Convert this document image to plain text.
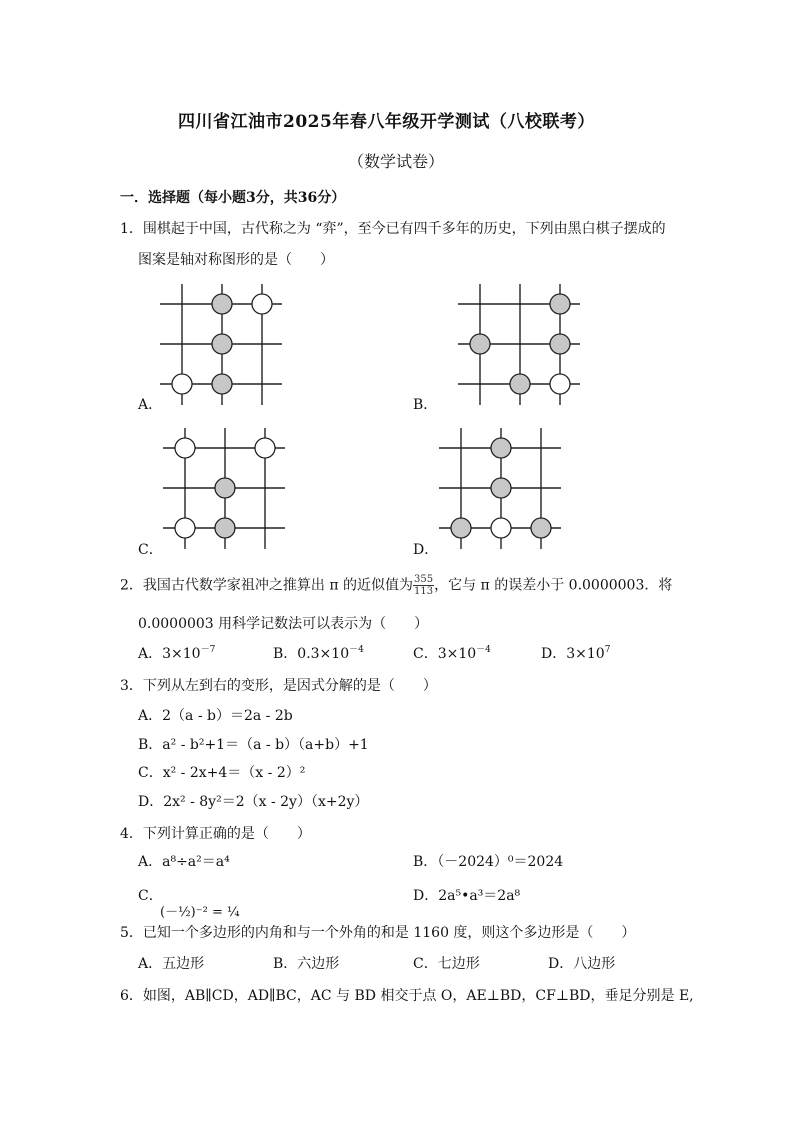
四川省江油市2025年春八年级开学测试（八校联考）
（数学试卷）
一．选择题（每小题3分，共36分）
1．围棋起于中国，古代称之为 “弈”，至今已有四千多年的历史，下列由黑白棋子摆成的
图案是轴对称图形的是（　　）
A．	B．
C．	D．
2．我国古代数学家祖冲之推算出 π 的近似值为 $\frac{355}{113}$ ，它与 π 的误差小于 0.0000003．将
0.0000003 用科学记数法可以表示为（　　）
A．$3\times 10^{-7}$	B．$0.3\times 10^{-4}$	C．$3\times 10^{-4}$	D．$3\times 10^7$
3．下列从左到右的变形，是因式分解的是（　　）
A．2（a - b）＝2a - 2b
B．a² - b²+1＝（a - b）（a+b）+1
C．x² - 2x+4＝（x - 2）²
D．2x² - 8y²＝2（x - 2y）（x+2y）
4．下列计算正确的是（　　）
A．a⁸÷a²＝a⁴	B．（－2024）⁰＝2024
C．
(－½)⁻² = ¼
D．2a⁵•a³＝2a⁸
5．已知一个多边形的内角和与一个外角的和是 1160 度，则这个多边形是（　　）
A．五边形	B．六边形	C．七边形	D．八边形
6．如图，AB∥CD，AD∥BC，AC 与 BD 相交于点 O，AE⊥BD，CF⊥BD，垂足分别是 E,
